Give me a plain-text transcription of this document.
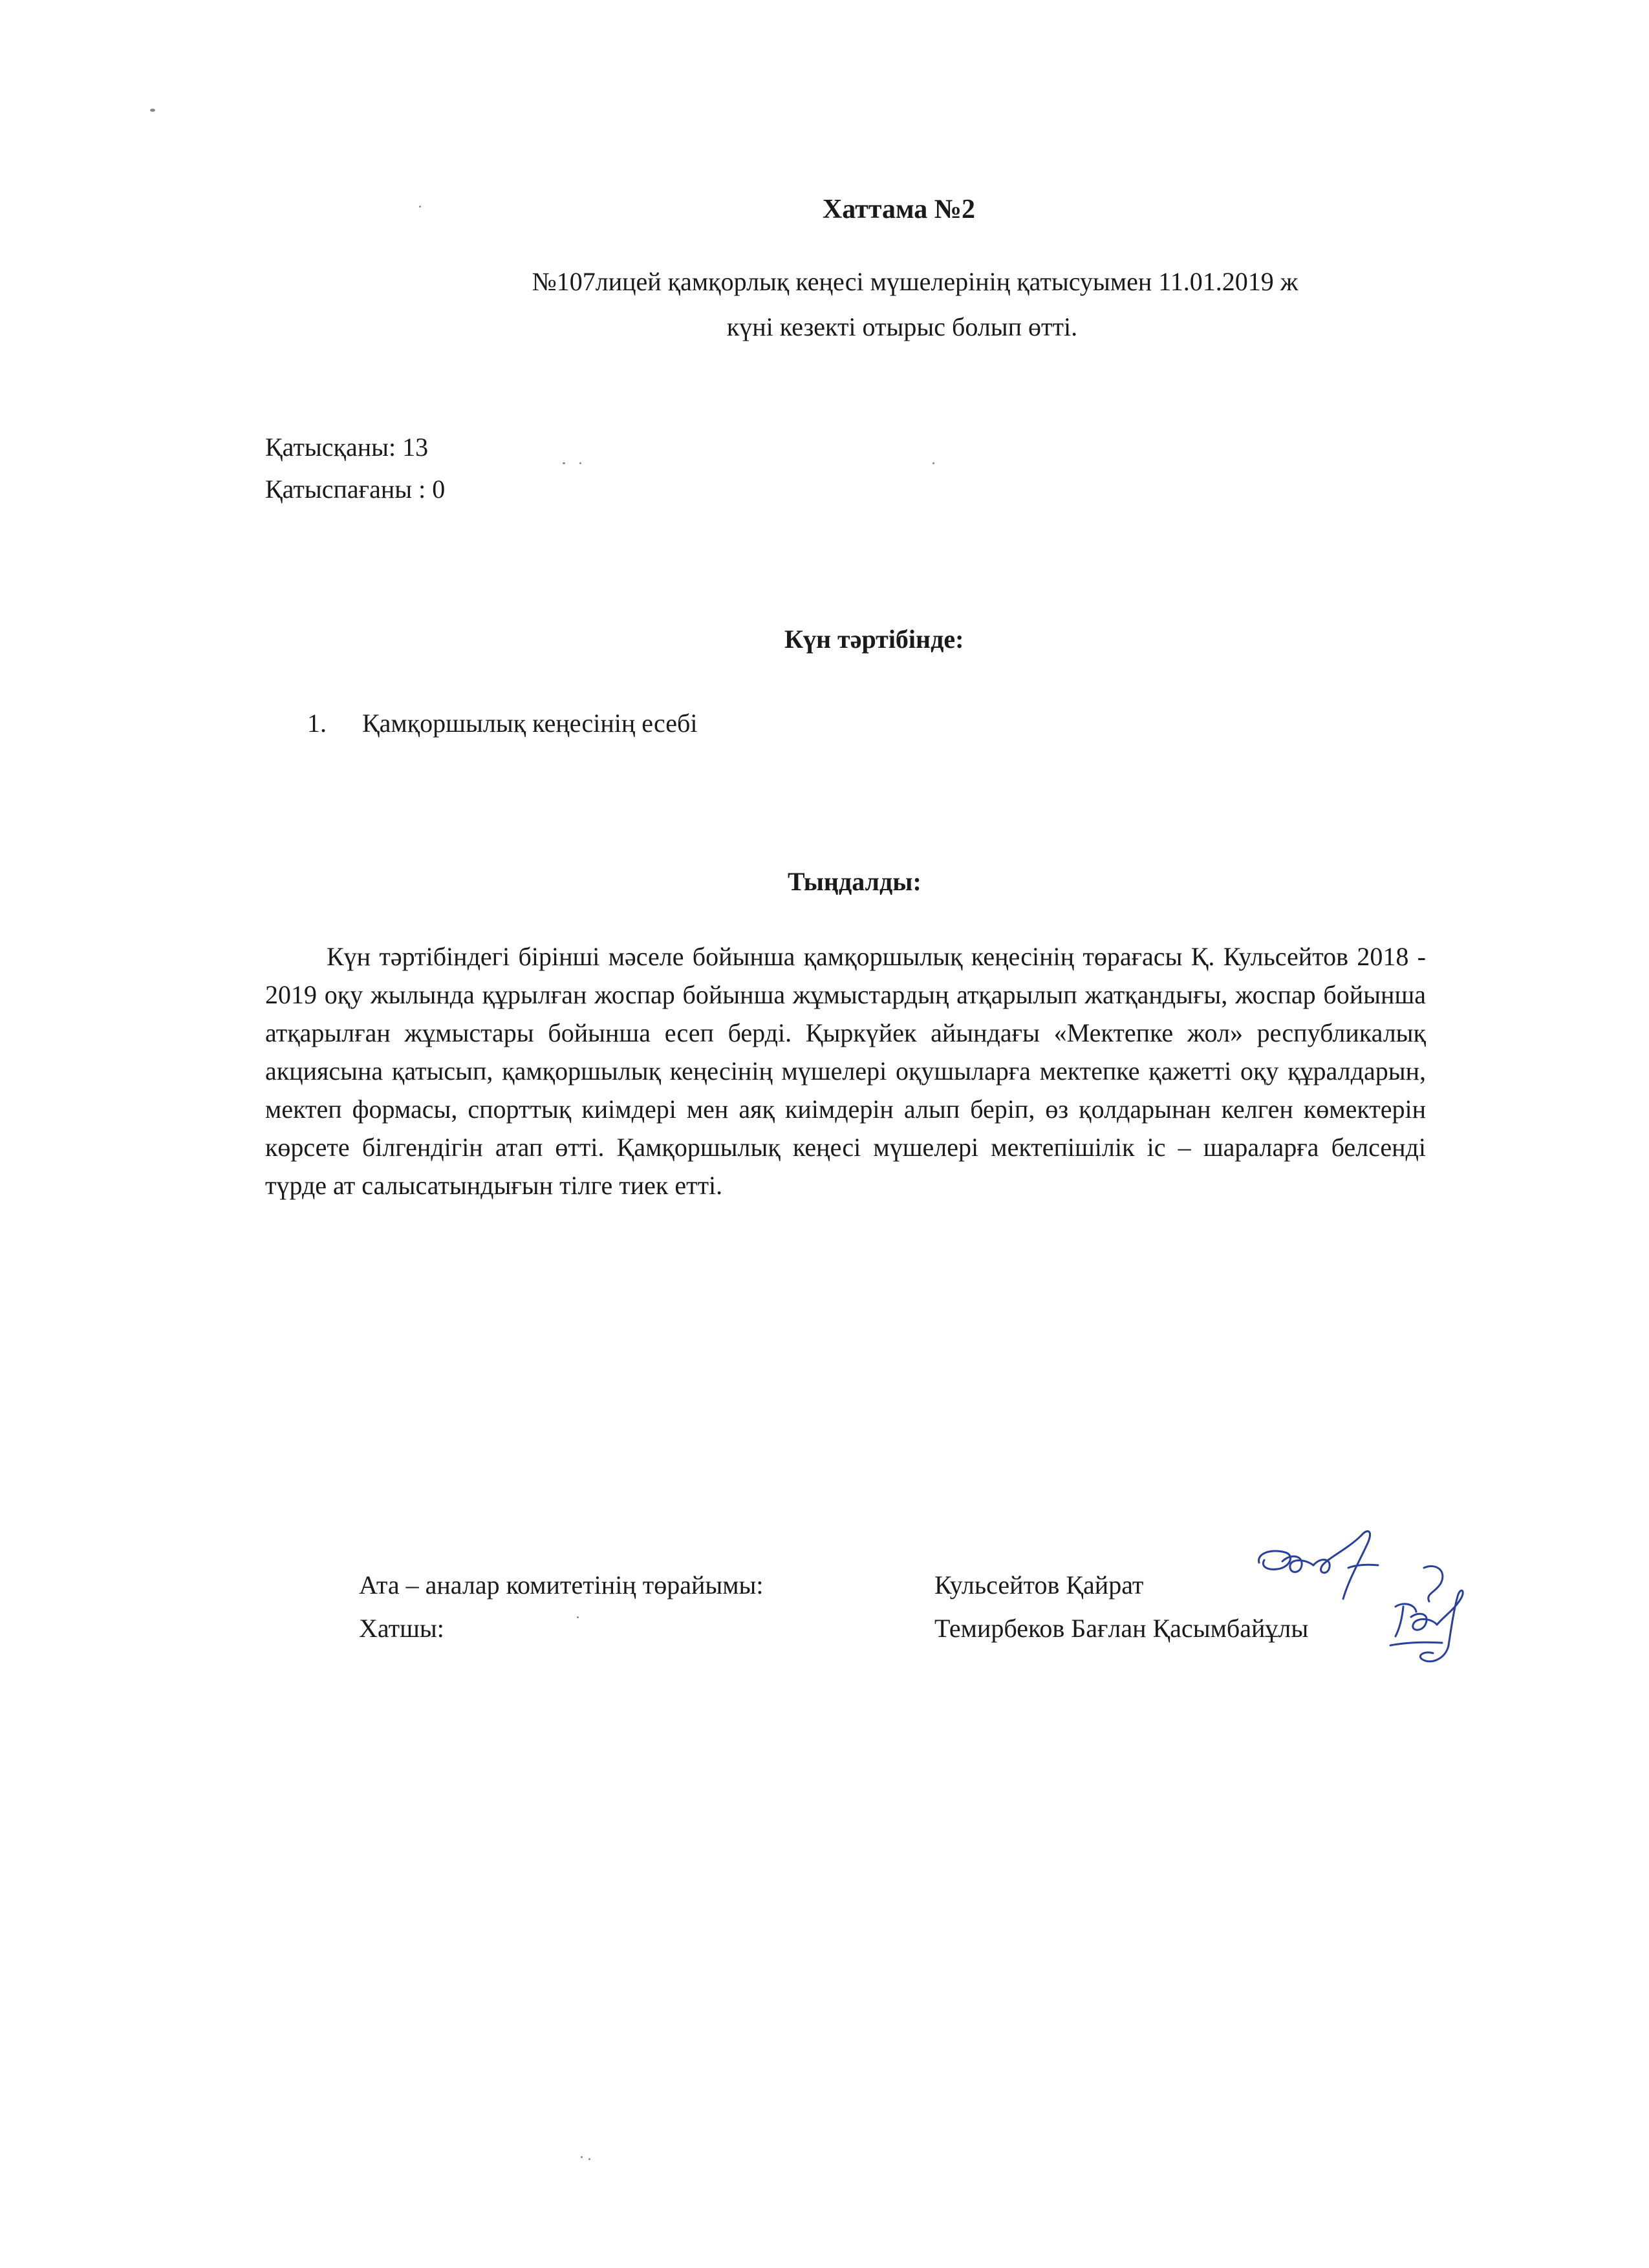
Хаттама №2
№107лицей қамқорлық кеңесі мүшелерінің қатысуымен 11.01.2019 ж
күні кезекті отырыс болып өтті.
Қатысқаны: 13
Қатыспағаны : 0
Күн тәртібінде:
1. Қамқоршылық кеңесінің есебі
Тыңдалды:

Күн тәртібіндегі бірінші мәселе бойынша қамқоршылық кеңесінің төрағасы Қ. Кульсейтов 2018 - 2019 оқу жылында құрылған жоспар бойынша жұмыстардың атқарылып жатқандығы, жоспар бойынша атқарылған жұмыстары бойынша есеп берді. Қыркүйек айындағы «Мектепке жол» республикалық акциясына қатысып, қамқоршылық кеңесінің мүшелері оқушыларға мектепке қажетті оқу құралдарын, мектеп формасы, спорттық киімдері мен аяқ киімдерін алып беріп, өз қолдарынан келген көмектерін көрсете білгендігін атап өтті. Қамқоршылық кеңесі мүшелері мектепішілік іс – шараларға белсенді түрде ат салысатындығын тілге тиек етті.

Ата – аналар комитетінің төрайымы:	Кульсейтов Қайрат
Хатшы:	Темирбеков Бағлан Қасымбайұлы
